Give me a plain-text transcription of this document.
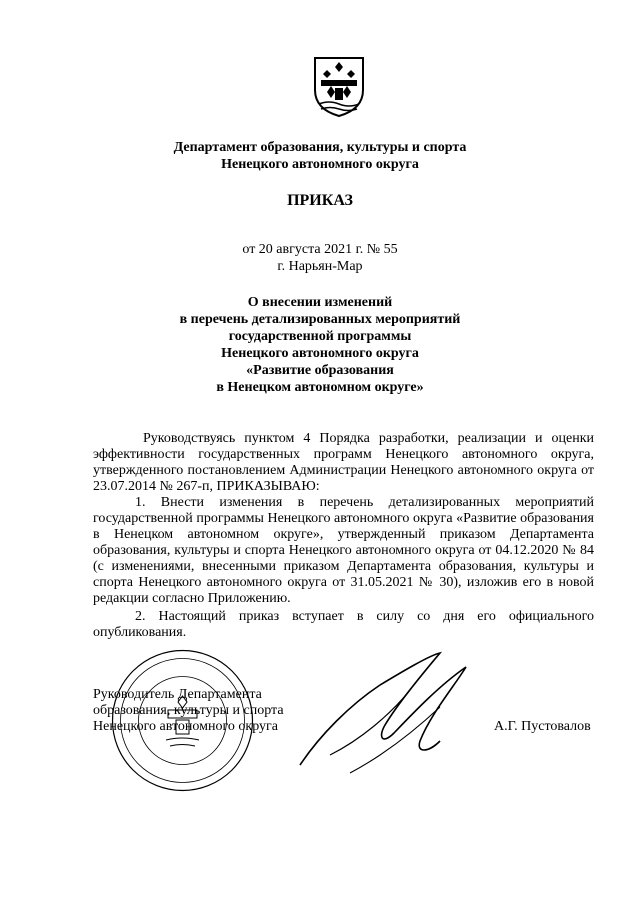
Департамент образования, культуры и спорта
Ненецкого автономного округа
ПРИКАЗ
от 20 августа 2021 г. № 55
г. Нарьян-Мар
О внесении изменений
в перечень детализированных мероприятий
государственной программы
Ненецкого автономного округа
«Развитие образования
в Ненецком автономном округе»
Руководствуясь пунктом 4 Порядка разработки, реализации и оценки эффективности государственных программ Ненецкого автономного округа, утвержденного постановлением Администрации Ненецкого автономного округа от 23.07.2014 № 267-п, ПРИКАЗЫВАЮ:
1. Внести изменения в перечень детализированных мероприятий государственной программы Ненецкого автономного округа «Развитие образования в Ненецком автономном округе», утвержденный приказом Департамента образования, культуры и спорта Ненецкого автономного округа от 04.12.2020 № 84 (с изменениями, внесенными приказом Департамента образования, культуры и спорта Ненецкого автономного округа от 31.05.2021 № 30), изложив его в новой редакции согласно Приложению.
2. Настоящий приказ вступает в силу со дня его официального опубликования.
Руководитель Департамента
образования, культуры и спорта
Ненецкого автономного округа	А.Г. Пустовалов
